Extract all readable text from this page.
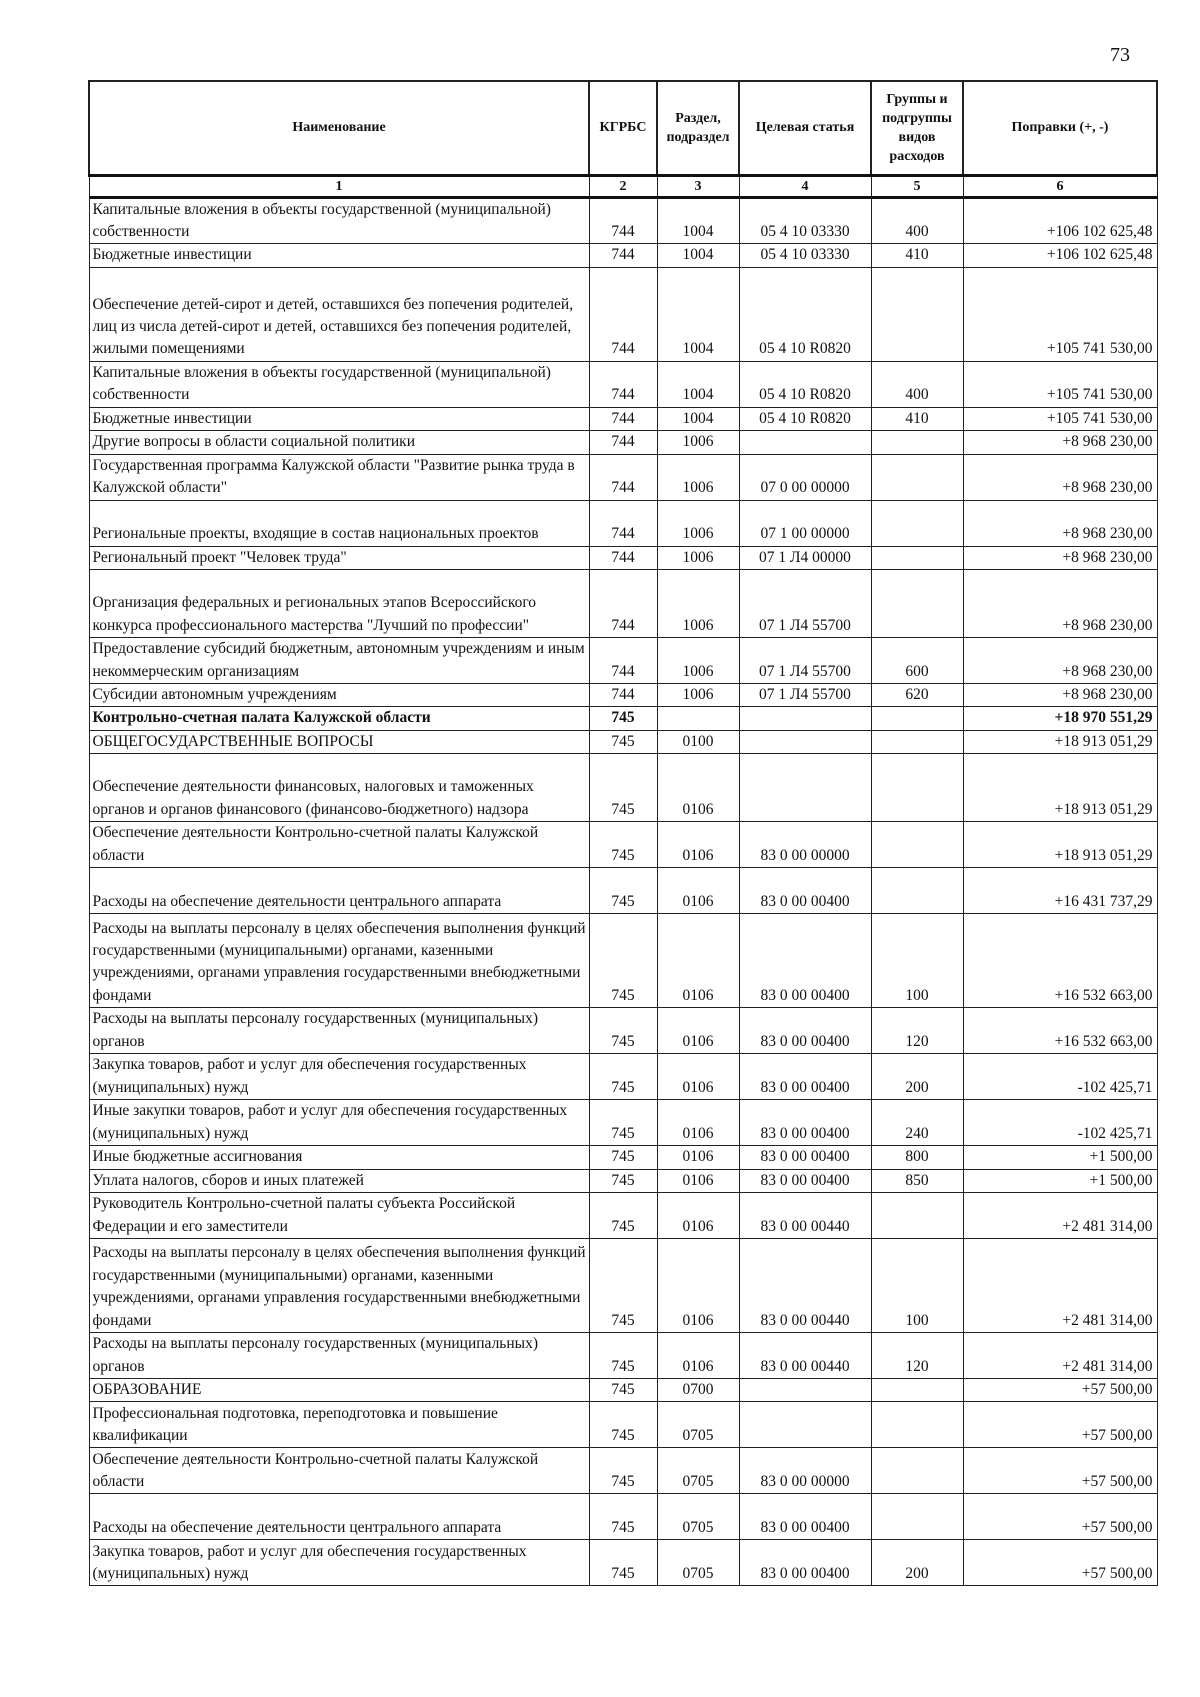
73
Наименование	КГРБС	Раздел, подраздел	Целевая статья	Группы и подгруппы видов расходов	Поправки (+, -)
1	2	3	4	5	6
Капитальные вложения в объекты государственной (муниципальной) собственности	744	1004	05 4 10 03330	400	+106 102 625,48
Бюджетные инвестиции	744	1004	05 4 10 03330	410	+106 102 625,48
Обеспечение детей-сирот и детей, оставшихся без попечения родителей, лиц из числа детей-сирот и детей, оставшихся без попечения родителей, жилыми помещениями	744	1004	05 4 10 R0820		+105 741 530,00
Капитальные вложения в объекты государственной (муниципальной) собственности	744	1004	05 4 10 R0820	400	+105 741 530,00
Бюджетные инвестиции	744	1004	05 4 10 R0820	410	+105 741 530,00
Другие вопросы в области социальной политики	744	1006			+8 968 230,00
Государственная программа Калужской области "Развитие рынка труда в Калужской области"	744	1006	07 0 00 00000		+8 968 230,00
Региональные проекты, входящие в состав национальных проектов	744	1006	07 1 00 00000		+8 968 230,00
Региональный проект "Человек труда"	744	1006	07 1 Л4 00000		+8 968 230,00
Организация федеральных и региональных этапов Всероссийского конкурса профессионального мастерства "Лучший по профессии"	744	1006	07 1 Л4 55700		+8 968 230,00
Предоставление субсидий бюджетным, автономным учреждениям и иным некоммерческим организациям	744	1006	07 1 Л4 55700	600	+8 968 230,00
Субсидии автономным учреждениям	744	1006	07 1 Л4 55700	620	+8 968 230,00
Контрольно-счетная палата Калужской области	745				+18 970 551,29
ОБЩЕГОСУДАРСТВЕННЫЕ ВОПРОСЫ	745	0100			+18 913 051,29
Обеспечение деятельности финансовых, налоговых и таможенных органов и органов финансового (финансово-бюджетного) надзора	745	0106			+18 913 051,29
Обеспечение деятельности Контрольно-счетной палаты Калужской области	745	0106	83 0 00 00000		+18 913 051,29
Расходы на обеспечение деятельности центрального аппарата	745	0106	83 0 00 00400		+16 431 737,29
Расходы на выплаты персоналу в целях обеспечения выполнения функций государственными (муниципальными) органами, казенными учреждениями, органами управления государственными внебюджетными фондами	745	0106	83 0 00 00400	100	+16 532 663,00
Расходы на выплаты персоналу государственных (муниципальных) органов	745	0106	83 0 00 00400	120	+16 532 663,00
Закупка товаров, работ и услуг для обеспечения государственных (муниципальных) нужд	745	0106	83 0 00 00400	200	-102 425,71
Иные закупки товаров, работ и услуг для обеспечения государственных (муниципальных) нужд	745	0106	83 0 00 00400	240	-102 425,71
Иные бюджетные ассигнования	745	0106	83 0 00 00400	800	+1 500,00
Уплата налогов, сборов и иных платежей	745	0106	83 0 00 00400	850	+1 500,00
Руководитель Контрольно-счетной палаты субъекта Российской Федерации и его заместители	745	0106	83 0 00 00440		+2 481 314,00
Расходы на выплаты персоналу в целях обеспечения выполнения функций государственными (муниципальными) органами, казенными учреждениями, органами управления государственными внебюджетными фондами	745	0106	83 0 00 00440	100	+2 481 314,00
Расходы на выплаты персоналу государственных (муниципальных) органов	745	0106	83 0 00 00440	120	+2 481 314,00
ОБРАЗОВАНИЕ	745	0700			+57 500,00
Профессиональная подготовка, переподготовка и повышение квалификации	745	0705			+57 500,00
Обеспечение деятельности Контрольно-счетной палаты Калужской области	745	0705	83 0 00 00000		+57 500,00
Расходы на обеспечение деятельности центрального аппарата	745	0705	83 0 00 00400		+57 500,00
Закупка товаров, работ и услуг для обеспечения государственных (муниципальных) нужд	745	0705	83 0 00 00400	200	+57 500,00
